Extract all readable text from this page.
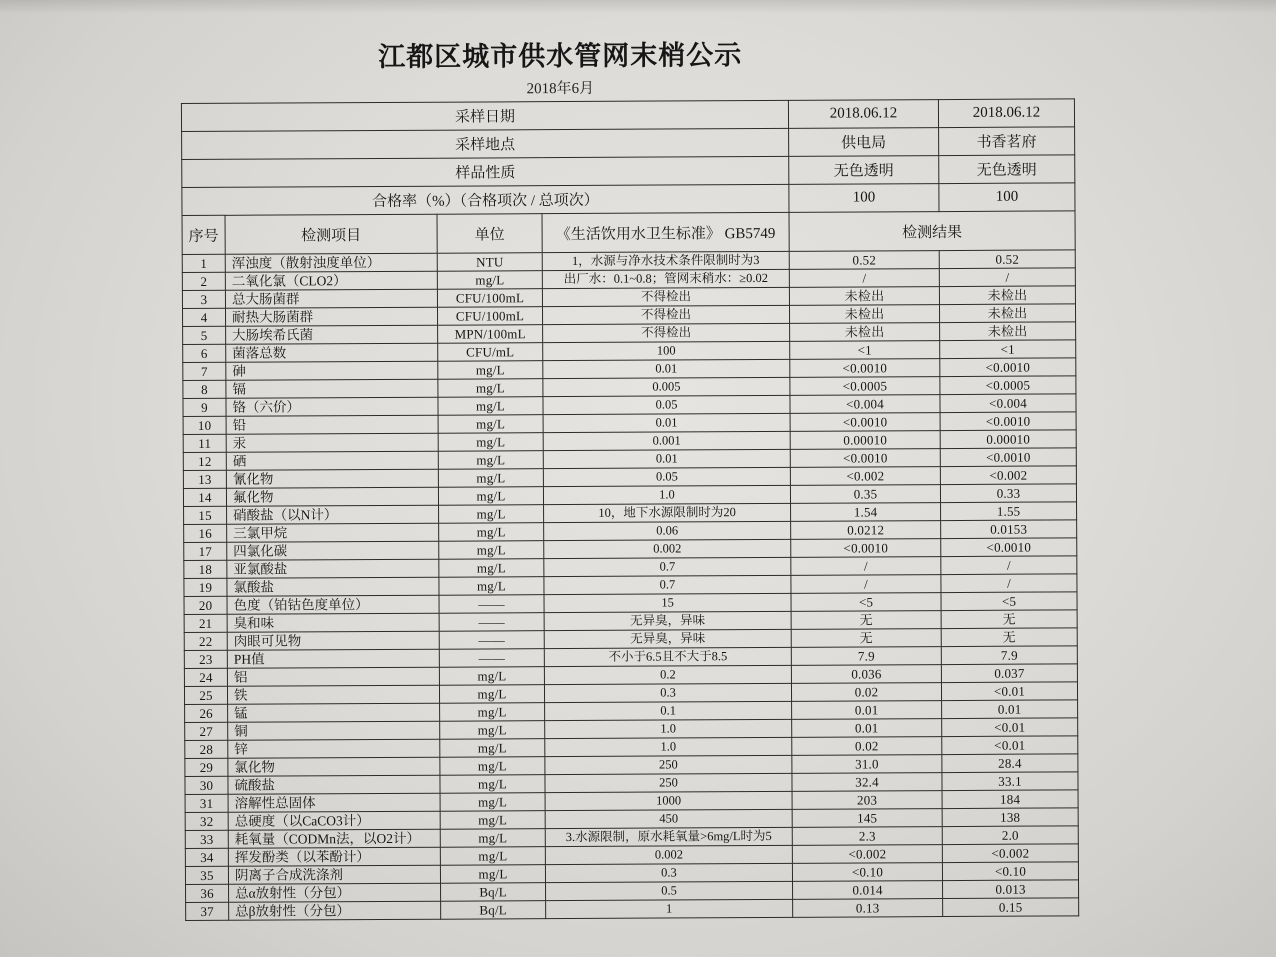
江都区城市供水管网末梢公示
2018年6月
采样日期				2018.06.12	2018.06.12
采样地点				供电局	书香茗府
样品性质				无色透明	无色透明
合格率（%）（合格项次 / 总项次）				100	100
序号	检测项目	单位	《生活饮用水卫生标准》 GB5749	检测结果	
1	浑浊度（散射浊度单位）	NTU	1，水源与净水技术条件限制时为3	0.52	0.52
2	二氧化氯（CLO2）	mg/L	出厂水：0.1~0.8；管网末稍水：≥0.02	/	/
3	总大肠菌群	CFU/100mL	不得检出	未检出	未检出
4	耐热大肠菌群	CFU/100mL	不得检出	未检出	未检出
5	大肠埃希氏菌	MPN/100mL	不得检出	未检出	未检出
6	菌落总数	CFU/mL	100	<1	<1
7	砷	mg/L	0.01	<0.0010	<0.0010
8	镉	mg/L	0.005	<0.0005	<0.0005
9	铬（六价）	mg/L	0.05	<0.004	<0.004
10	铅	mg/L	0.01	<0.0010	<0.0010
11	汞	mg/L	0.001	0.00010	0.00010
12	硒	mg/L	0.01	<0.0010	<0.0010
13	氰化物	mg/L	0.05	<0.002	<0.002
14	氟化物	mg/L	1.0	0.35	0.33
15	硝酸盐（以N计）	mg/L	10，地下水源限制时为20	1.54	1.55
16	三氯甲烷	mg/L	0.06	0.0212	0.0153
17	四氯化碳	mg/L	0.002	<0.0010	<0.0010
18	亚氯酸盐	mg/L	0.7	/	/
19	氯酸盐	mg/L	0.7	/	/
20	色度（铂钴色度单位）	——	15	<5	<5
21	臭和味	——	无异臭，异味	无	无
22	肉眼可见物	——	无异臭，异味	无	无
23	PH值	——	不小于6.5且不大于8.5	7.9	7.9
24	铝	mg/L	0.2	0.036	0.037
25	铁	mg/L	0.3	0.02	<0.01
26	锰	mg/L	0.1	0.01	0.01
27	铜	mg/L	1.0	0.01	<0.01
28	锌	mg/L	1.0	0.02	<0.01
29	氯化物	mg/L	250	31.0	28.4
30	硫酸盐	mg/L	250	32.4	33.1
31	溶解性总固体	mg/L	1000	203	184
32	总硬度（以CaCO3计）	mg/L	450	145	138
33	耗氧量（CODMn法，以O2计）	mg/L	3.水源限制，原水耗氧量>6mg/L时为5	2.3	2.0
34	挥发酚类（以苯酚计）	mg/L	0.002	<0.002	<0.002
35	阴离子合成洗涤剂	mg/L	0.3	<0.10	<0.10
36	总α放射性（分包）	Bq/L	0.5	0.014	0.013
37	总β放射性（分包）	Bq/L	1	0.13	0.15
